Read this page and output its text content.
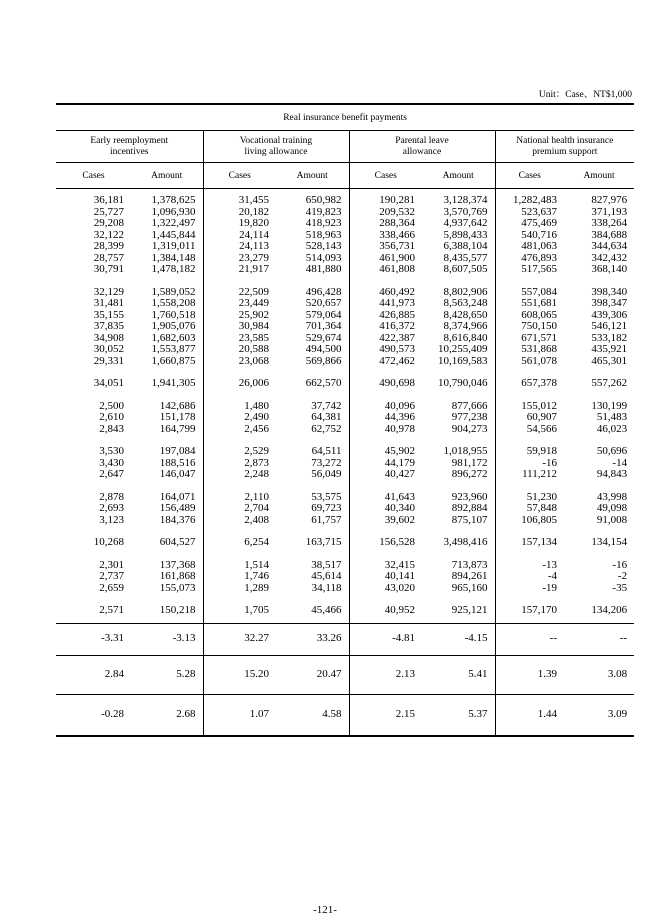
Unit：Case、NT$1,000
Real insurance benefit payments							
Early reemployment
incentives		Vocational training
living allowance		Parental leave
allowance		National health insurance
premium support	
Cases	Amount	Cases	Amount	Cases	Amount	Cases	Amount

36,181	1,378,625	31,455	650,982	190,281	3,128,374	1,282,483	827,976
25,727	1,096,930	20,182	419,823	209,532	3,570,769	523,637	371,193
29,208	1,322,497	19,820	418,923	288,364	4,937,642	475,469	338,264
32,122	1,445,844	24,114	518,963	338,466	5,898,433	540,716	384,688
28,399	1,319,011	24,113	528,143	356,731	6,388,104	481,063	344,634
28,757	1,384,148	23,279	514,093	461,900	8,435,577	476,893	342,432
30,791	1,478,182	21,917	481,880	461,808	8,607,505	517,565	368,140

32,129	1,589,052	22,509	496,428	460,492	8,802,906	557,084	398,340
31,481	1,558,208	23,449	520,657	441,973	8,563,248	551,681	398,347
35,155	1,760,518	25,902	579,064	426,885	8,428,650	608,065	439,306
37,835	1,905,076	30,984	701,364	416,372	8,374,966	750,150	546,121
34,908	1,682,603	23,585	529,674	422,387	8,616,840	671,571	533,182
30,052	1,553,877	20,588	494,500	490,573	10,255,409	531,868	435,921
29,331	1,660,875	23,068	569,866	472,462	10,169,583	561,078	465,301

34,051	1,941,305	26,006	662,570	490,698	10,790,046	657,378	557,262

2,500	142,686	1,480	37,742	40,096	877,666	155,012	130,199
2,610	151,178	2,490	64,381	44,396	977,238	60,907	51,483
2,843	164,799	2,456	62,752	40,978	904,273	54,566	46,023

3,530	197,084	2,529	64,511	45,902	1,018,955	59,918	50,696
3,430	188,516	2,873	73,272	44,179	981,172	-16	-14
2,647	146,047	2,248	56,049	40,427	896,272	111,212	94,843

2,878	164,071	2,110	53,575	41,643	923,960	51,230	43,998
2,693	156,489	2,704	69,723	40,340	892,884	57,848	49,098
3,123	184,376	2,408	61,757	39,602	875,107	106,805	91,008

10,268	604,527	6,254	163,715	156,528	3,498,416	157,134	134,154

2,301	137,368	1,514	38,517	32,415	713,873	-13	-16
2,737	161,868	1,746	45,614	40,141	894,261	-4	-2
2,659	155,073	1,289	34,118	43,020	965,160	-19	-35

2,571	150,218	1,705	45,466	40,952	925,121	157,170	134,206

-3.31	-3.13	32.27	33.26	-4.81	-4.15	--	--
2.84	5.28	15.20	20.47	2.13	5.41	1.39	3.08
-0.28	2.68	1.07	4.58	2.15	5.37	1.44	3.09
-121-
